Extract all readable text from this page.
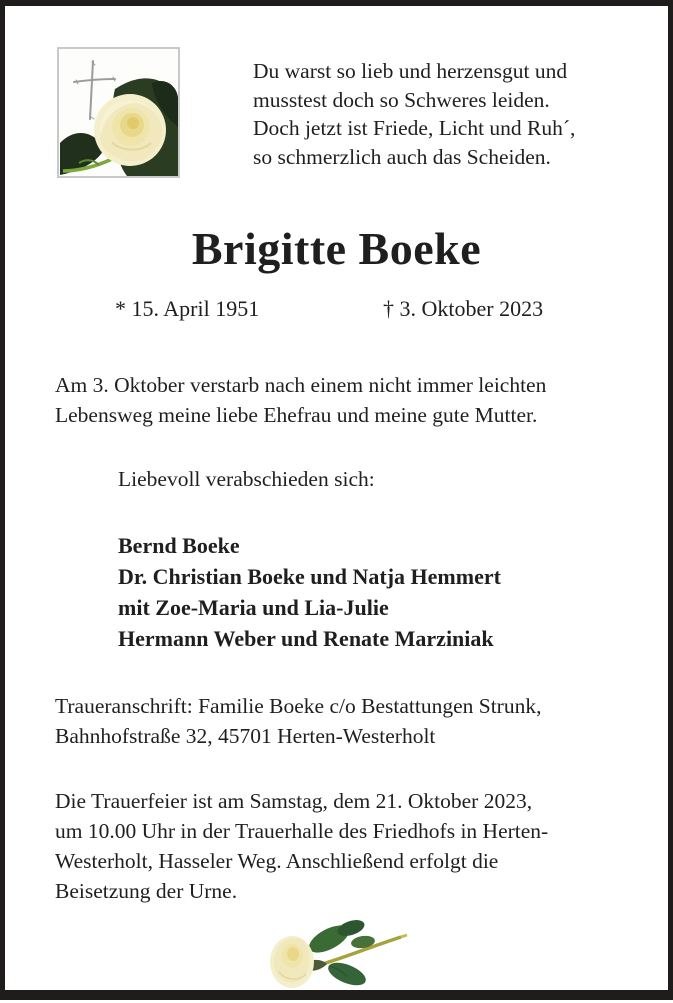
Du warst so lieb und herzensgut und
musstest doch so Schweres leiden.
Doch jetzt ist Friede, Licht und Ruh´,
so schmerzlich auch das Scheiden.
Brigitte Boeke
* 15. April 1951	† 3. Oktober 2023
Am 3. Oktober verstarb nach einem nicht immer leichten
Lebensweg meine liebe Ehefrau und meine gute Mutter.
Liebevoll verabschieden sich:
Bernd Boeke
Dr. Christian Boeke und Natja Hemmert
mit Zoe-Maria und Lia-Julie
Hermann Weber und Renate Marziniak
Traueranschrift: Familie Boeke c/o Bestattungen Strunk,
Bahnhofstraße 32, 45701 Herten-Westerholt
Die Trauerfeier ist am Samstag, dem 21. Oktober 2023,
um 10.00 Uhr in der Trauerhalle des Friedhofs in Herten-
Westerholt, Hasseler Weg. Anschließend erfolgt die
Beisetzung der Urne.
